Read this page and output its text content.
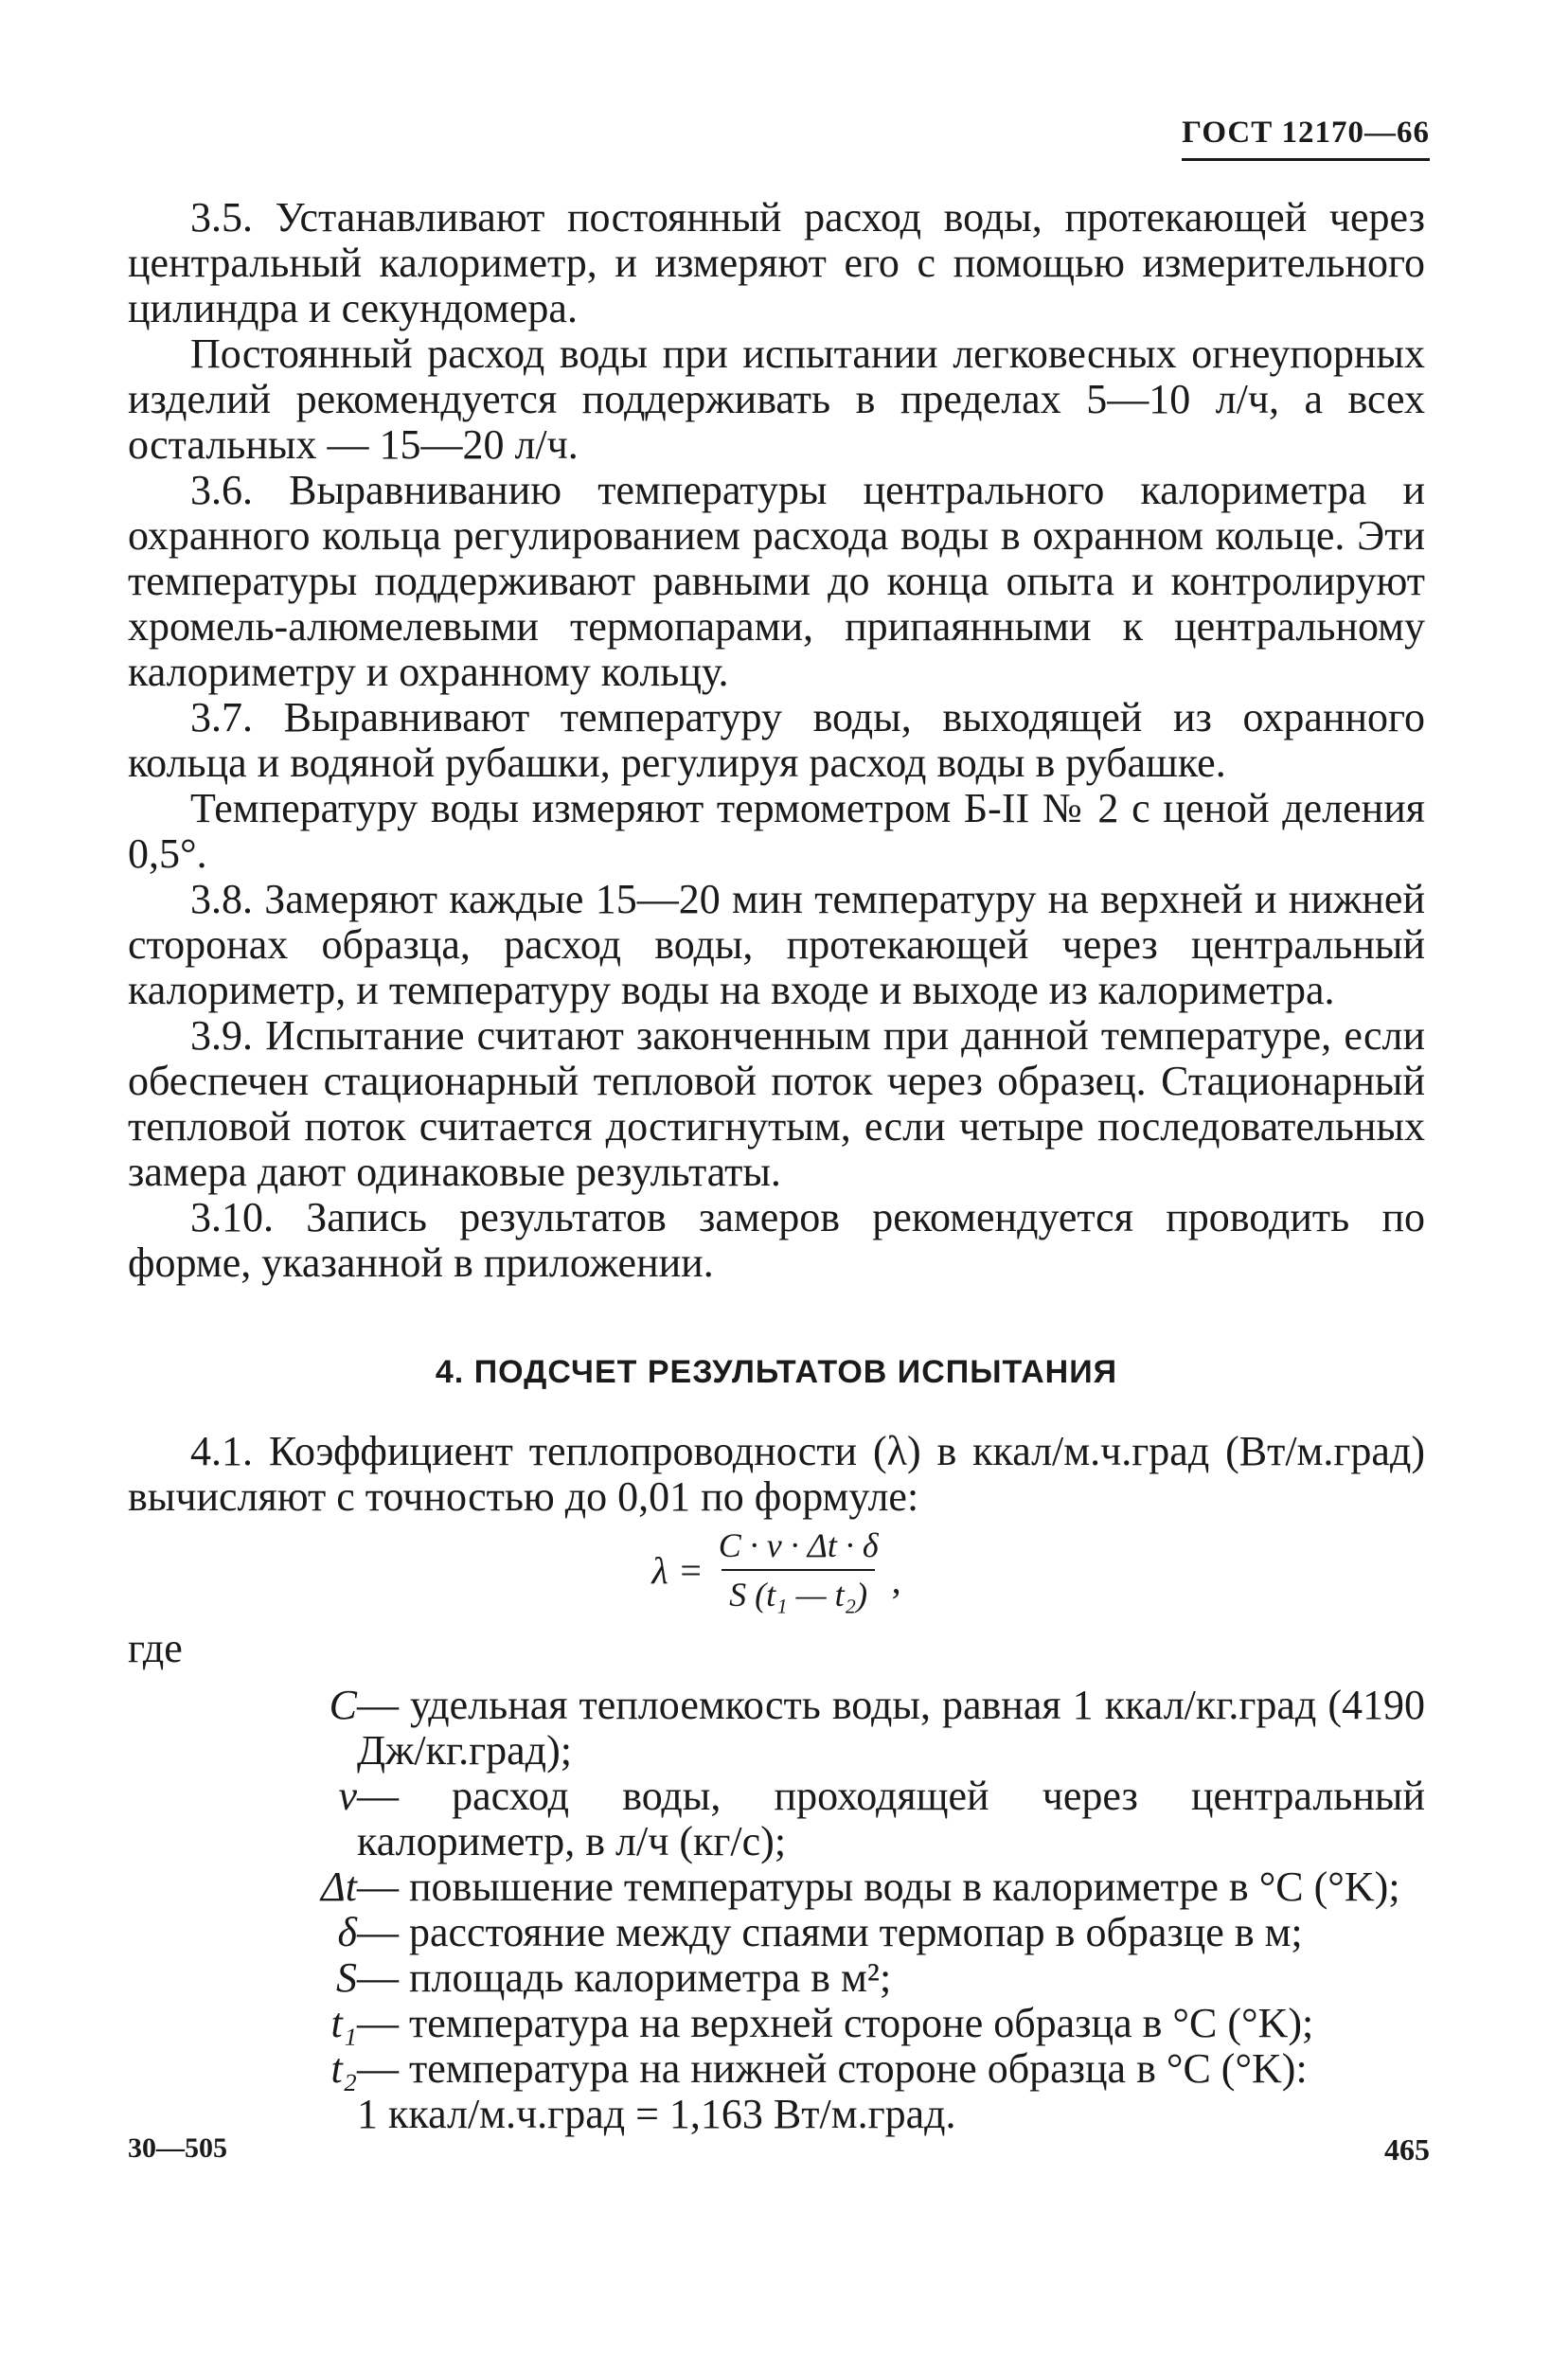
ГОСТ 12170—66

3.5. Устанавливают постоянный расход воды, протекающей через центральный калориметр, и измеряют его с помощью измерительного цилиндра и секундомера.

Постоянный расход воды при испытании легковесных огнеупорных изделий рекомендуется поддерживать в пределах 5—10 л/ч, а всех остальных — 15—20 л/ч.

3.6. Выравниванию температуры центрального калориметра и охранного кольца регулированием расхода воды в охранном кольце. Эти температуры поддерживают равными до конца опыта и контролируют хромель-алюмелевыми термопарами, припаянными к центральному калориметру и охранному кольцу.

3.7. Выравнивают температуру воды, выходящей из охранного кольца и водяной рубашки, регулируя расход воды в рубашке.

Температуру воды измеряют термометром Б-II № 2 с ценой деления 0,5°.

3.8. Замеряют каждые 15—20 мин температуру на верхней и нижней сторонах образца, расход воды, протекающей через центральный калориметр, и температуру воды на входе и выходе из калориметра.

3.9. Испытание считают законченным при данной температуре, если обеспечен стационарный тепловой поток через образец. Стационарный тепловой поток считается достигнутым, если четыре последовательных замера дают одинаковые результаты.

3.10. Запись результатов замеров рекомендуется проводить по форме, указанной в приложении.

4. ПОДСЧЕТ РЕЗУЛЬТАТОВ ИСПЫТАНИЯ

4.1. Коэффициент теплопроводности (λ) в ккал/м.ч.град (Вт/м.град) вычисляют с точностью до 0,01 по формуле:

$\lambda = \frac{C \cdot v \cdot \Delta t \cdot \delta}{\text{S (t₁ — t₂)}}$ ,
где
C — удельная теплоемкость воды, равная 1 ккал/кг.град (4190 Дж/кг.град);
v — расход воды, проходящей через центральный калориметр, в л/ч (кг/с);
Δt — повышение температуры воды в калориметре в °C (°K);
δ — расстояние между спаями термопар в образце в м;
S — площадь калориметра в м²;
t₁ — температура на верхней стороне образца в °C (°K);
t₂ — температура на нижней стороне образца в °C (°K):
1 ккал/м.ч.град = 1,163 Вт/м.град.
30—505	465
